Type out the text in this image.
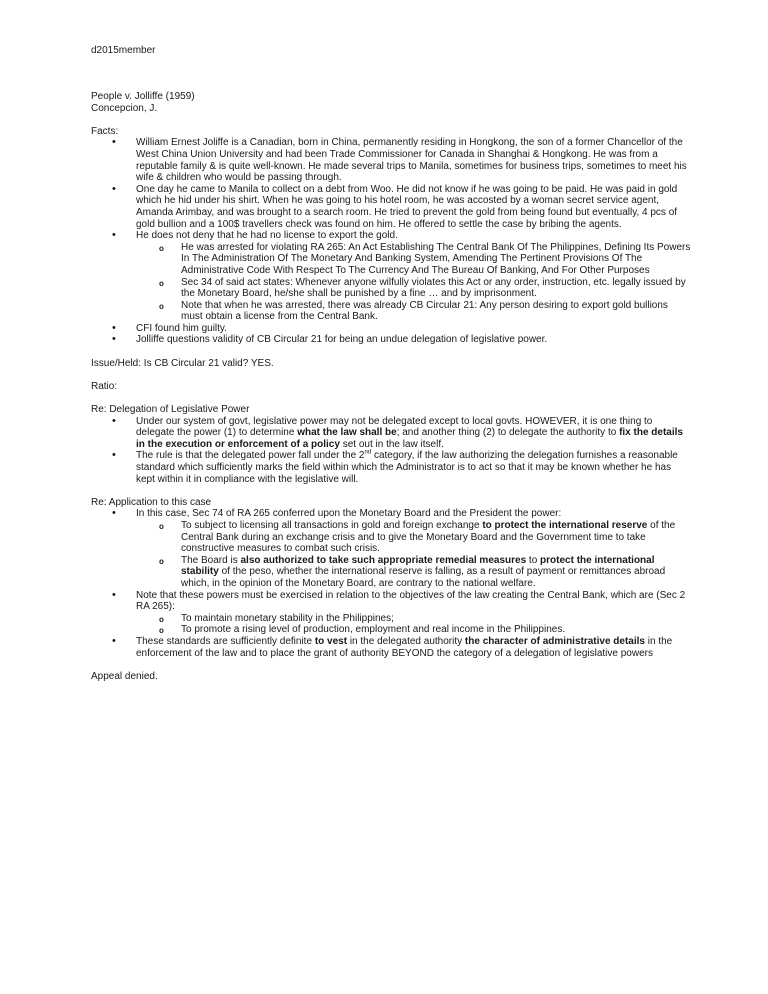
d2015member

People v. Jolliffe (1959)

Concepcion, J.

Facts:

• William Ernest Joliffe is a Canadian, born in China, permanently residing in Hongkong, the son of a former Chancellor of the West China Union University and had been Trade Commissioner for Canada in Shanghai & Hongkong. He was from a reputable family & is quite well-known. He made several trips to Manila, sometimes for business trips, sometimes to meet his wife & children who would be passing through.
• One day he came to Manila to collect on a debt from Woo. He did not know if he was going to be paid. He was paid in gold which he hid under his shirt. When he was going to his hotel room, he was accosted by a woman secret service agent, Amanda Arimbay, and was brought to a search room. He tried to prevent the gold from being found but eventually, 4 pcs of gold bullion and a 100$ travellers check was found on him. He offered to settle the case by bribing the agents.
• He does not deny that he had no license to export the gold.
o He was arrested for violating RA 265: An Act Establishing The Central Bank Of The Philippines, Defining Its Powers In The Administration Of The Monetary And Banking System, Amending The Pertinent Provisions Of The Administrative Code With Respect To The Currency And The Bureau Of Banking, And For Other Purposes
o Sec 34 of said act states: Whenever anyone wilfully violates this Act or any order, instruction, etc. legally issued by the Monetary Board, he/she shall be punished by a fine … and by imprisonment.
o Note that when he was arrested, there was already CB Circular 21: Any person desiring to export gold bullions must obtain a license from the Central Bank.
• CFI found him guilty.
• Jolliffe questions validity of CB Circular 21 for being an undue delegation of legislative power.

Issue/Held: Is CB Circular 21 valid? YES.

Ratio:

Re: Delegation of Legislative Power

• Under our system of govt, legislative power may not be delegated except to local govts. HOWEVER, it is one thing to delegate the power (1) to determine what the law shall be; and another thing (2) to delegate the authority to fix the details in the execution or enforcement of a policy set out in the law itself.
• The rule is that the delegated power fall under the 2nd category, if the law authorizing the delegation furnishes a reasonable standard which sufficiently marks the field within which the Administrator is to act so that it may be known whether he has kept within it in compliance with the legislative will.

Re: Application to this case

• In this case, Sec 74 of RA 265 conferred upon the Monetary Board and the President the power:
o To subject to licensing all transactions in gold and foreign exchange to protect the international reserve of the Central Bank during an exchange crisis and to give the Monetary Board and the Government time to take constructive measures to combat such crisis.
o The Board is also authorized to take such appropriate remedial measures to protect the international stability of the peso, whether the international reserve is falling, as a result of payment or remittances abroad which, in the opinion of the Monetary Board, are contrary to the national welfare.
• Note that these powers must be exercised in relation to the objectives of the law creating the Central Bank, which are (Sec 2 RA 265):
o To maintain monetary stability in the Philippines;
o To promote a rising level of production, employment and real income in the Philippines.
• These standards are sufficiently definite to vest in the delegated authority the character of administrative details in the enforcement of the law and to place the grant of authority BEYOND the category of a delegation of legislative powers

Appeal denied.
